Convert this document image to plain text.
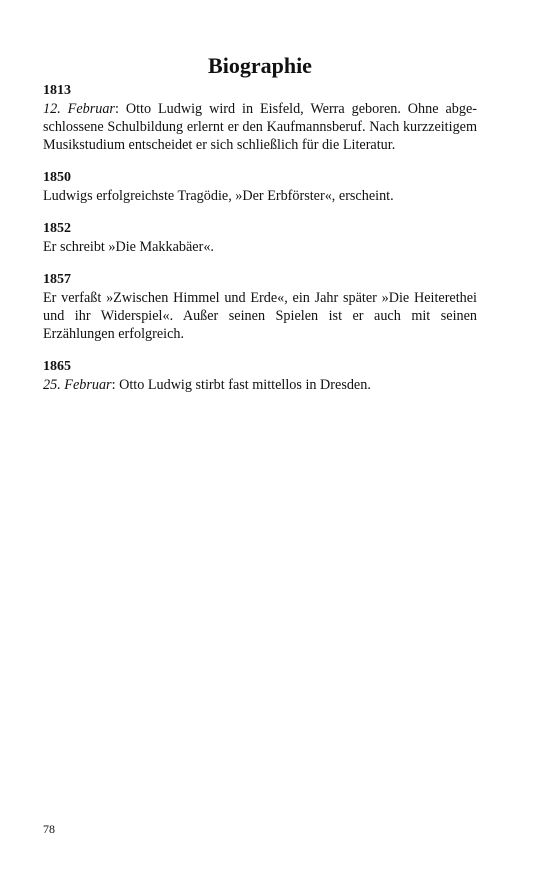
Biographie
1813
12. Februar: Otto Ludwig wird in Eisfeld, Werra geboren. Ohne abgeschlossene Schulbildung erlernt er den Kaufmannsberuf. Nach kurzzeitigem Musikstudium entscheidet er sich schließlich für die Literatur.
1850
Ludwigs erfolgreichste Tragödie, »Der Erbförster«, erscheint.
1852
Er schreibt »Die Makkabäer«.
1857
Er verfaßt »Zwischen Himmel und Erde«, ein Jahr später »Die Heiterethei und ihr Widerspiel«. Außer seinen Spielen ist er auch mit seinen Erzählungen erfolgreich.
1865
25. Februar: Otto Ludwig stirbt fast mittellos in Dresden.

78
